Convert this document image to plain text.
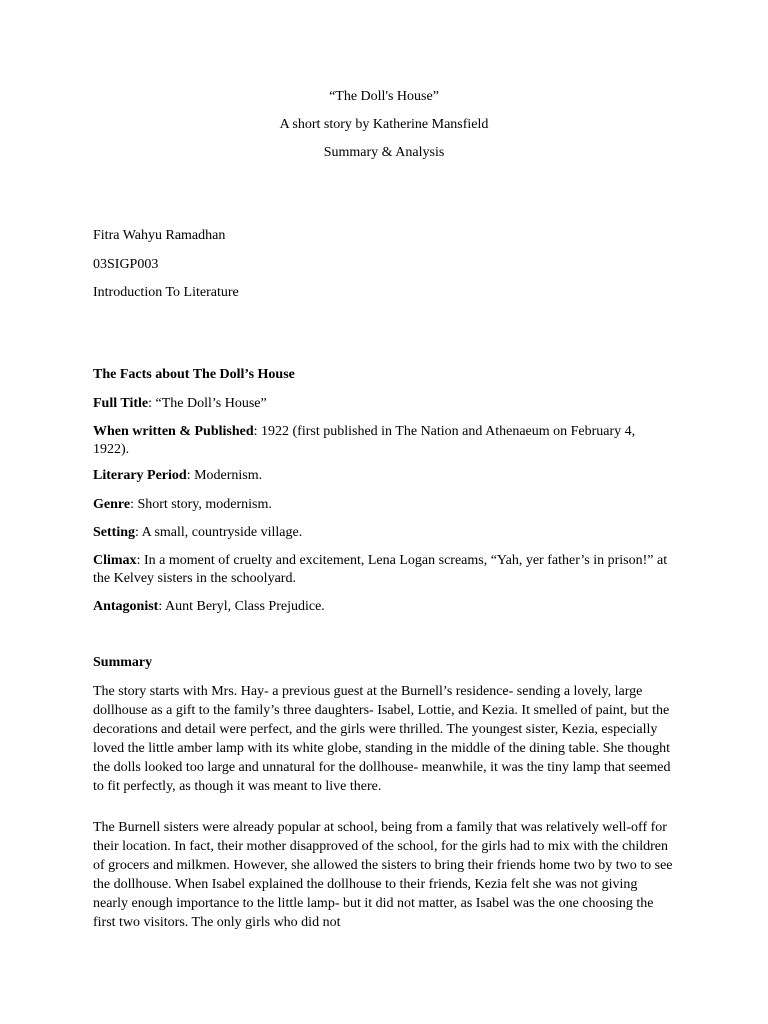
“The Doll's House”
A short story by Katherine Mansfield
Summary & Analysis
Fitra Wahyu Ramadhan
03SIGP003
Introduction To Literature
The Facts about The Doll’s House
Full Title: “The Doll’s House”
When written & Published: 1922 (first published in The Nation and Athenaeum on February 4, 1922).
Literary Period: Modernism.
Genre: Short story, modernism.
Setting: A small, countryside village.
Climax: In a moment of cruelty and excitement, Lena Logan screams, “Yah, yer father’s in prison!” at the Kelvey sisters in the schoolyard.
Antagonist: Aunt Beryl, Class Prejudice.
Summary
The story starts with Mrs. Hay- a previous guest at the Burnell’s residence- sending a lovely, large dollhouse as a gift to the family’s three daughters- Isabel, Lottie, and Kezia. It smelled of paint, but the decorations and detail were perfect, and the girls were thrilled. The youngest sister, Kezia, especially loved the little amber lamp with its white globe, standing in the middle of the dining table. She thought the dolls looked too large and unnatural for the dollhouse- meanwhile, it was the tiny lamp that seemed to fit perfectly, as though it was meant to live there.
The Burnell sisters were already popular at school, being from a family that was relatively well-off for their location. In fact, their mother disapproved of the school, for the girls had to mix with the children of grocers and milkmen. However, she allowed the sisters to bring their friends home two by two to see the dollhouse. When Isabel explained the dollhouse to their friends, Kezia felt she was not giving nearly enough importance to the little lamp- but it did not matter, as Isabel was the one choosing the first two visitors. The only girls who did not
